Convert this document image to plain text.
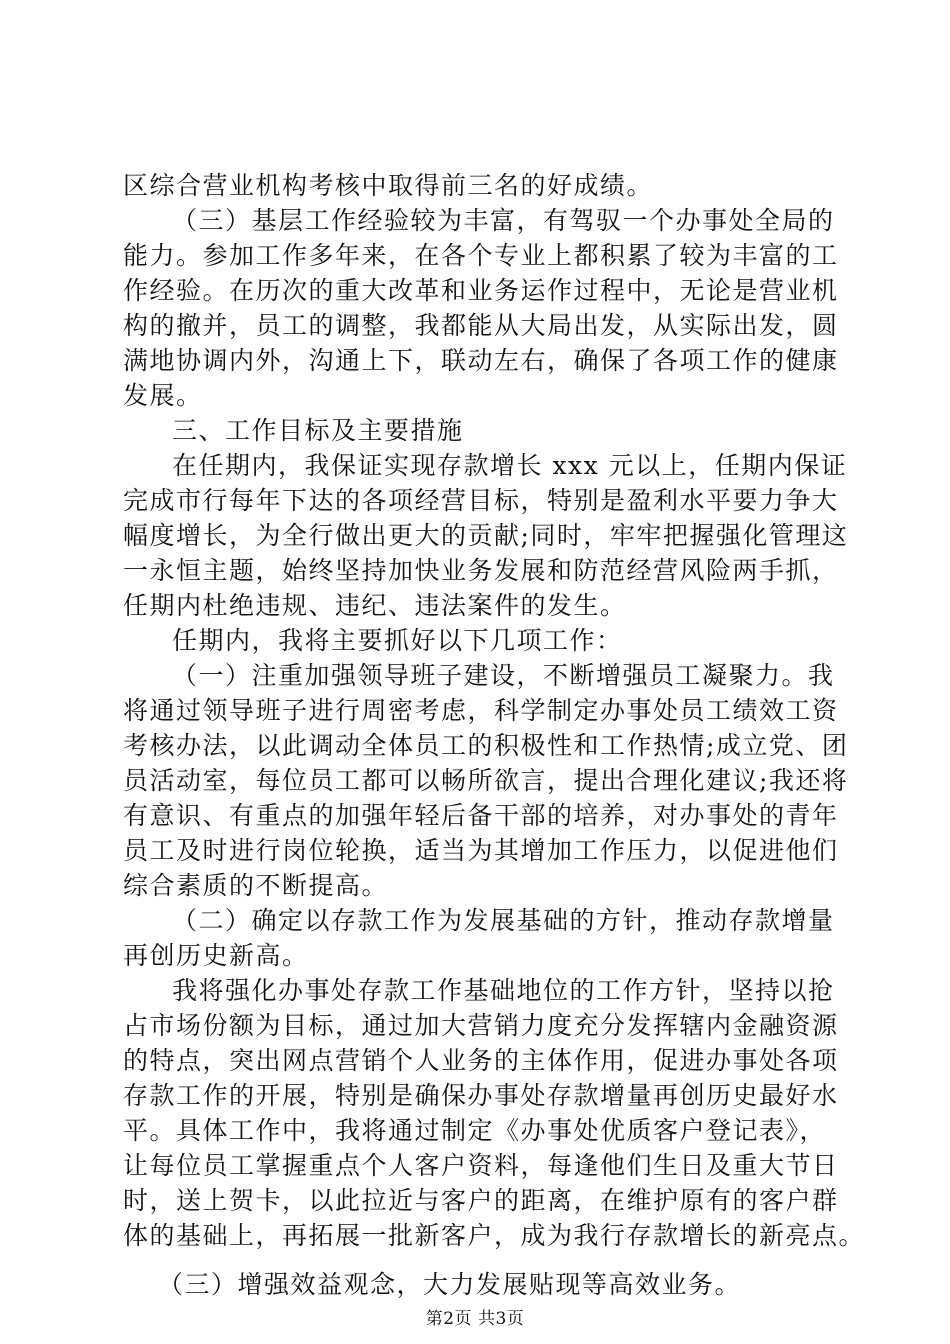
区综合营业机构考核中取得前三名的好成绩。
（三）基层工作经验较为丰富，有驾驭一个办事处全局的
能力。参加工作多年来，在各个专业上都积累了较为丰富的工
作经验。在历次的重大改革和业务运作过程中，无论是营业机
构的撤并，员工的调整，我都能从大局出发，从实际出发，圆
满地协调内外，沟通上下，联动左右，确保了各项工作的健康
发展。
三、工作目标及主要措施
在任期内，我保证实现存款增长 xxx 元以上，任期内保证
完成市行每年下达的各项经营目标，特别是盈利水平要力争大
幅度增长，为全行做出更大的贡献;同时，牢牢把握强化管理这
一永恒主题，始终坚持加快业务发展和防范经营风险两手抓，
任期内杜绝违规、违纪、违法案件的发生。
任期内，我将主要抓好以下几项工作：
（一）注重加强领导班子建设，不断增强员工凝聚力。我
将通过领导班子进行周密考虑，科学制定办事处员工绩效工资
考核办法，以此调动全体员工的积极性和工作热情;成立党、团
员活动室，每位员工都可以畅所欲言，提出合理化建议;我还将
有意识、有重点的加强年轻后备干部的培养，对办事处的青年
员工及时进行岗位轮换，适当为其增加工作压力，以促进他们
综合素质的不断提高。
（二）确定以存款工作为发展基础的方针，推动存款增量
再创历史新高。
我将强化办事处存款工作基础地位的工作方针，坚持以抢
占市场份额为目标，通过加大营销力度充分发挥辖内金融资源
的特点，突出网点营销个人业务的主体作用，促进办事处各项
存款工作的开展，特别是确保办事处存款增量再创历史最好水
平。具体工作中，我将通过制定《办事处优质客户登记表》，
让每位员工掌握重点个人客户资料，每逢他们生日及重大节日
时，送上贺卡，以此拉近与客户的距离，在维护原有的客户群
体的基础上，再拓展一批新客户，成为我行存款增长的新亮点。
（三）增强效益观念，大力发展贴现等高效业务。
第2页 共3页
